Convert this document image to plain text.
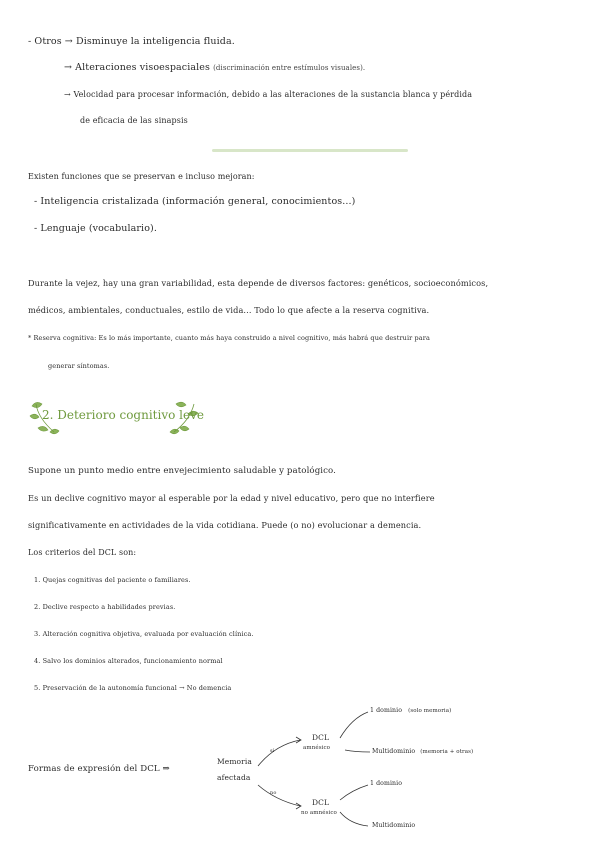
- Otros → Disminuye la inteligencia fluida.
→ Alteraciones visoespaciales (discriminación entre estímulos visuales).
→ Velocidad para procesar información, debido a las alteraciones de la sustancia blanca y pérdida
de eficacia de las sinapsis
Existen funciones que se preservan e incluso mejoran:
- Inteligencia cristalizada (información general, conocimientos...)
- Lenguaje (vocabulario).
Durante la vejez, hay una gran variabilidad, esta depende de diversos factores: genéticos, socioeconómicos,
médicos, ambientales, conductuales, estilo de vida... Todo lo que afecte a la reserva cognitiva.
* Reserva cognitiva: Es lo más importante, cuanto más haya construido a nivel cognitivo, más habrá que destruir para
generar síntomas.
2. Deterioro cognitivo leve
Supone un punto medio entre envejecimiento saludable y patológico.
Es un declive cognitivo mayor al esperable por la edad y nivel educativo, pero que no interfiere
significativamente en actividades de la vida cotidiana. Puede (o no) evolucionar a demencia.
Los criterios del DCL son:
1. Quejas cognitivas del paciente o familiares.
2. Declive respecto a habilidades previas.
3. Alteración cognitiva objetiva, evaluada por evaluación clínica.
4. Salvo los dominios alterados, funcionamiento normal
5. Preservación de la autonomía funcional → No demencia
Formas de expresión del DCL ⇒
Memoria
afectada
sí
no
DCL
amnésico
DCL
no amnésico
1 dominio (solo memoria)
Multidominio (memoria + otras)
1 dominio
Multidominio
